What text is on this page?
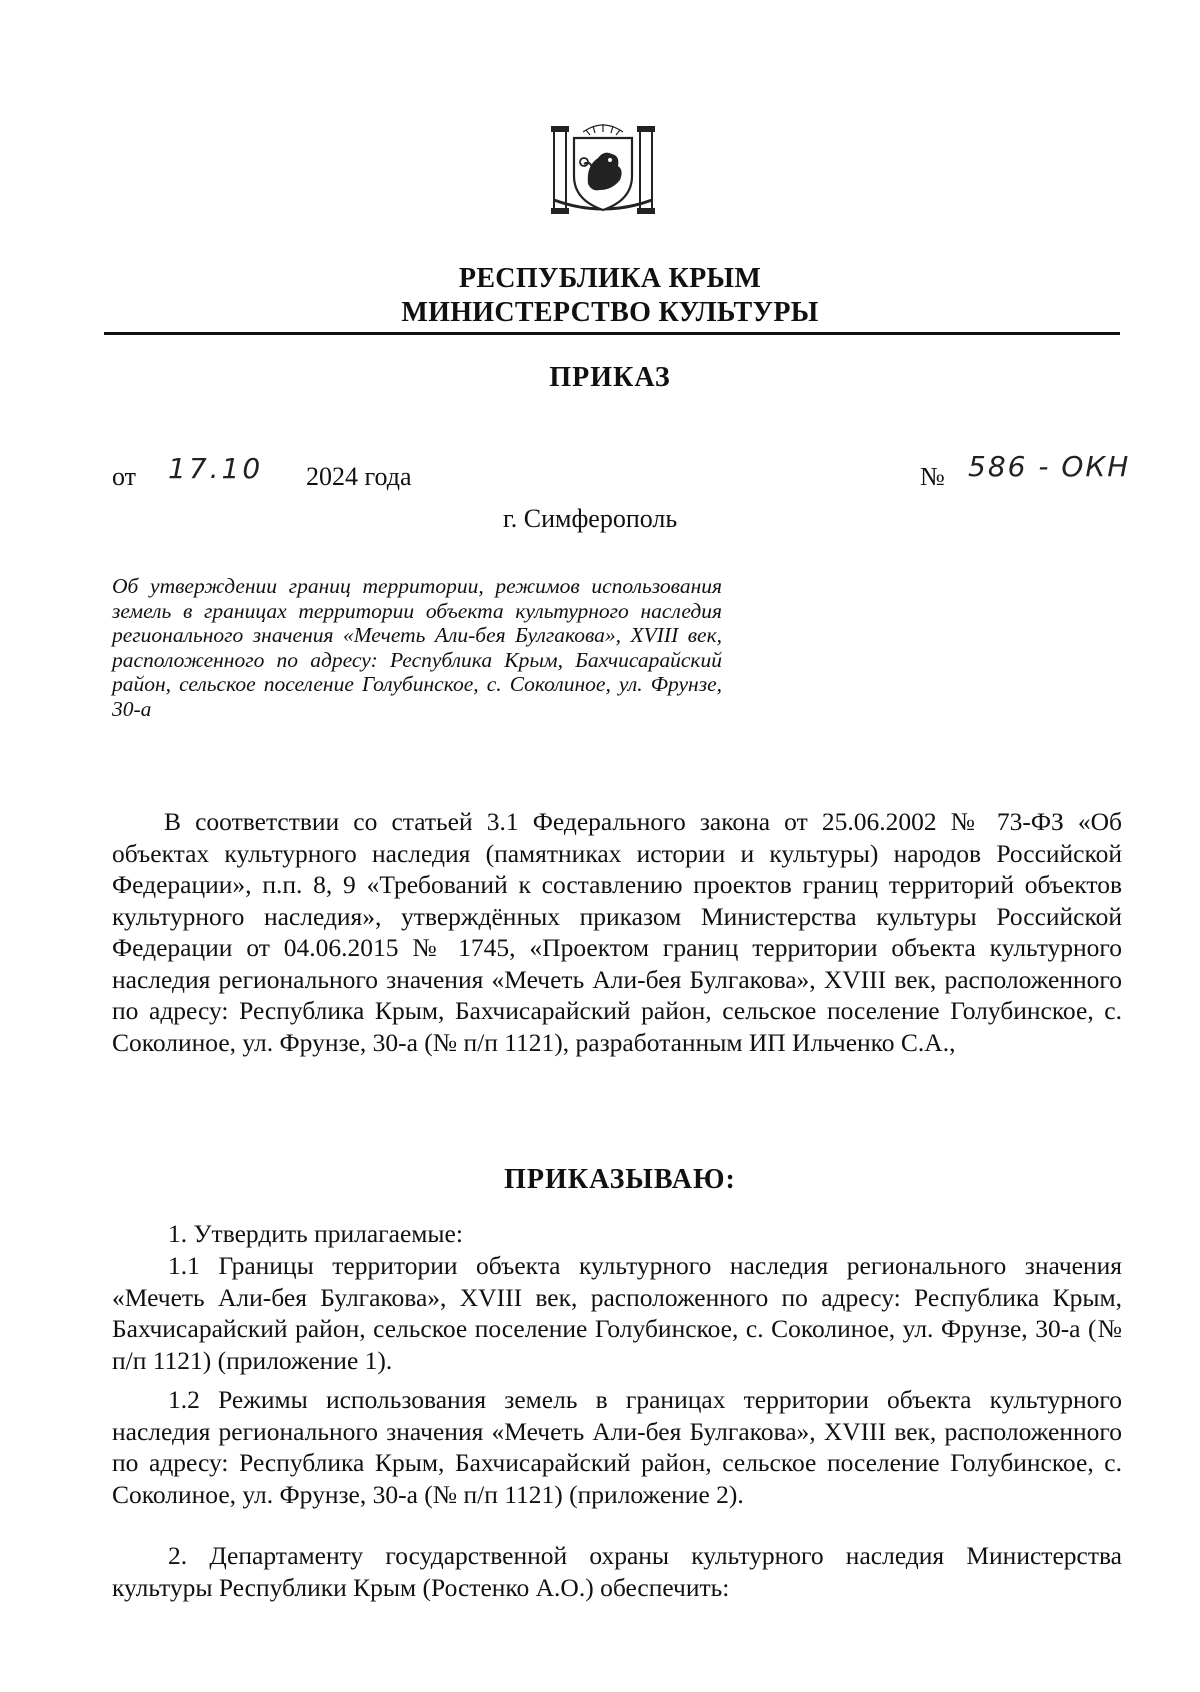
РЕСПУБЛИКА КРЫМ
МИНИСТЕРСТВО КУЛЬТУРЫ
ПРИКАЗ
от 17.10 2024 года	№ 586 - ОКН
г. Симферополь
Об утверждении границ территории, режимов использования земель в границах территории объекта культурного наследия регионального значения «Мечеть Али-бея Булгакова», XVIII век, расположенного по адресу: Республика Крым, Бахчисарайский район, сельское поселение Голубинское, с. Соколиное, ул. Фрунзе, 30-а
В соответствии со статьей 3.1 Федерального закона от 25.06.2002 № 73-ФЗ «Об объектах культурного наследия (памятниках истории и культуры) народов Российской Федерации», п.п. 8, 9 «Требований к составлению проектов границ территорий объектов культурного наследия», утверждённых приказом Министерства культуры Российской Федерации от 04.06.2015 № 1745, «Проектом границ территории объекта культурного наследия регионального значения «Мечеть Али-бея Булгакова», XVIII век, расположенного по адресу: Республика Крым, Бахчисарайский район, сельское поселение Голубинское, с. Соколиное, ул. Фрунзе, 30-а (№ п/п 1121), разработанным ИП Ильченко С.А.,
ПРИКАЗЫВАЮ:
1. Утвердить прилагаемые:
1.1 Границы территории объекта культурного наследия регионального значения «Мечеть Али-бея Булгакова», XVIII век, расположенного по адресу: Республика Крым, Бахчисарайский район, сельское поселение Голубинское, с. Соколиное, ул. Фрунзе, 30-а (№ п/п 1121) (приложение 1).
1.2 Режимы использования земель в границах территории объекта культурного наследия регионального значения «Мечеть Али-бея Булгакова», XVIII век, расположенного по адресу: Республика Крым, Бахчисарайский район, сельское поселение Голубинское, с. Соколиное, ул. Фрунзе, 30-а (№ п/п 1121) (приложение 2).
2. Департаменту государственной охраны культурного наследия Министерства культуры Республики Крым (Ростенко А.О.) обеспечить:
